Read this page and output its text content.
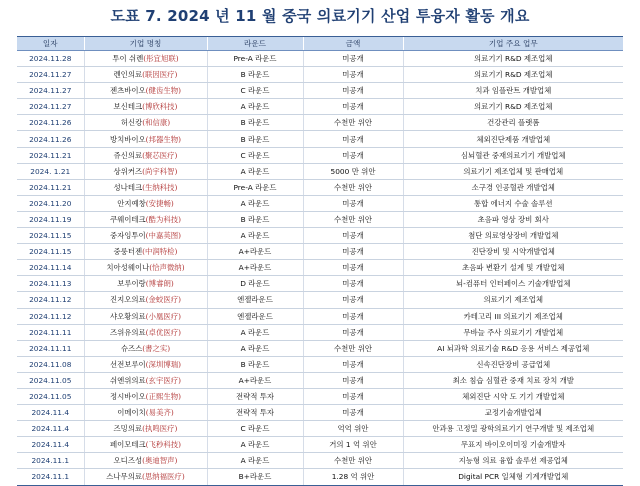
도표 7. 2024 년 11 월 중국 의료기기 산업 투융자 활동 개요
일자	기업 명칭	라운드	금액	기업 주요 업무
2024.11.28	투이 쉬롄(彤宜旭联)	Pre-A 라운드	미공개	의료기기 R&D 제조업체
2024.11.27	롄인의료(联因医疗)	B 라운드	미공개	의료기기 R&D 제조업체
2024.11.27	젠츠바이오(健齿生物)	C 라운드	미공개	치과 임플란트 개발업체
2024.11.27	보신테크(博欣科技)	A 라운드	미공개	의료기기 R&D 제조업체
2024.11.26	허신캉(和信康)	B 라운드	수천만 위안	건강관리 플랫폼
2024.11.26	방치바이오(邦器生物)	B 라운드	미공개	체외진단제품 개발업체
2024.11.21	쥬신의료(聚芯医疗)	C 라운드	미공개	심뇌혈관 중재의료기기 개발업체
2024. 1.21	상위커즈(尚宇科智)	A 라운드	5000 만 위안	의료기기 제조업체 및 판매업체
2024.11.21	성나테크(生纳科技)	Pre-A 라운드	수천만 위안	소구경 인공혈관 개발업체
2024.11.20	안지예창(安捷畅)	A 라운드	미공개	통합 에너지 수술 솔루션
2024.11.19	쿠웨이테크(酷为科技)	B 라운드	수천만 위안	초음파 영상 장비 회사
2024.11.15	중자잉투이(中嘉英图)	A 라운드	미공개	첨단 의료영상장비 개발업체
2024.11.15	중룽터젠(中润特检)	A+라운드	미공개	진단장비 및 시약개발업체
2024.11.14	치아성웨이나(恰声微纳)	A+라운드	미공개	초음파 변환기 설계 및 개발업체
2024.11.13	보루이랑(博睿朗)	D 라운드	미공개	뇌-컴퓨터 인터페이스 기술개발업체
2024.11.12	진지오의료(金蛟医疗)	엔젤라운드	미공개	의료기기 제조업체
2024.11.12	샤오황의료(小凰医疗)	엔젤라운드	미공개	카테고리 III 의료기기 제조업체
2024.11.11	즈위유의료(卓优医疗)	A 라운드	미공개	무바늘 주사 의료기기 개발업체
2024.11.11	슈즈스(書之实)	A 라운드	수천만 위안	AI 뇌과학 의료기술 R&D 응용 서비스 제공업체
2024.11.08	선전보루이(深圳博瑞)	B 라운드	미공개	신속진단장비 공급업체
2024.11.05	쉬엔위의료(玄宇医疗)	A+라운드	미공개	최소 침습 심혈관 중재 치료 장치 개발
2024.11.05	정시바이오(正熙生物)	전략적 투자	미공개	체외진단 시약 도 기기 개발업체
2024.11.4	이메이치(易美齐)	전략적 투자	미공개	교정기술개발업체
2024.11.4	즈밍의료(执鸣医疗)	C 라운드	억억 위안	안과용 고정밀 광학의료기기 연구개발 및 제조업체
2024.11.4	페이모테크(飞秒科技)	A 라운드	거의 1 억 위안	무표지 바이오이미징 기술개발자
2024.11.1	오디즈성(奥迪智声)	A 라운드	수천만 위안	지능형 의료 융합 솔루션 제공업체
2024.11.1	스나무의료(思纳福医疗)	B+라운드	1.28 억 위안	Digital PCR 일체형 기계개발업체
